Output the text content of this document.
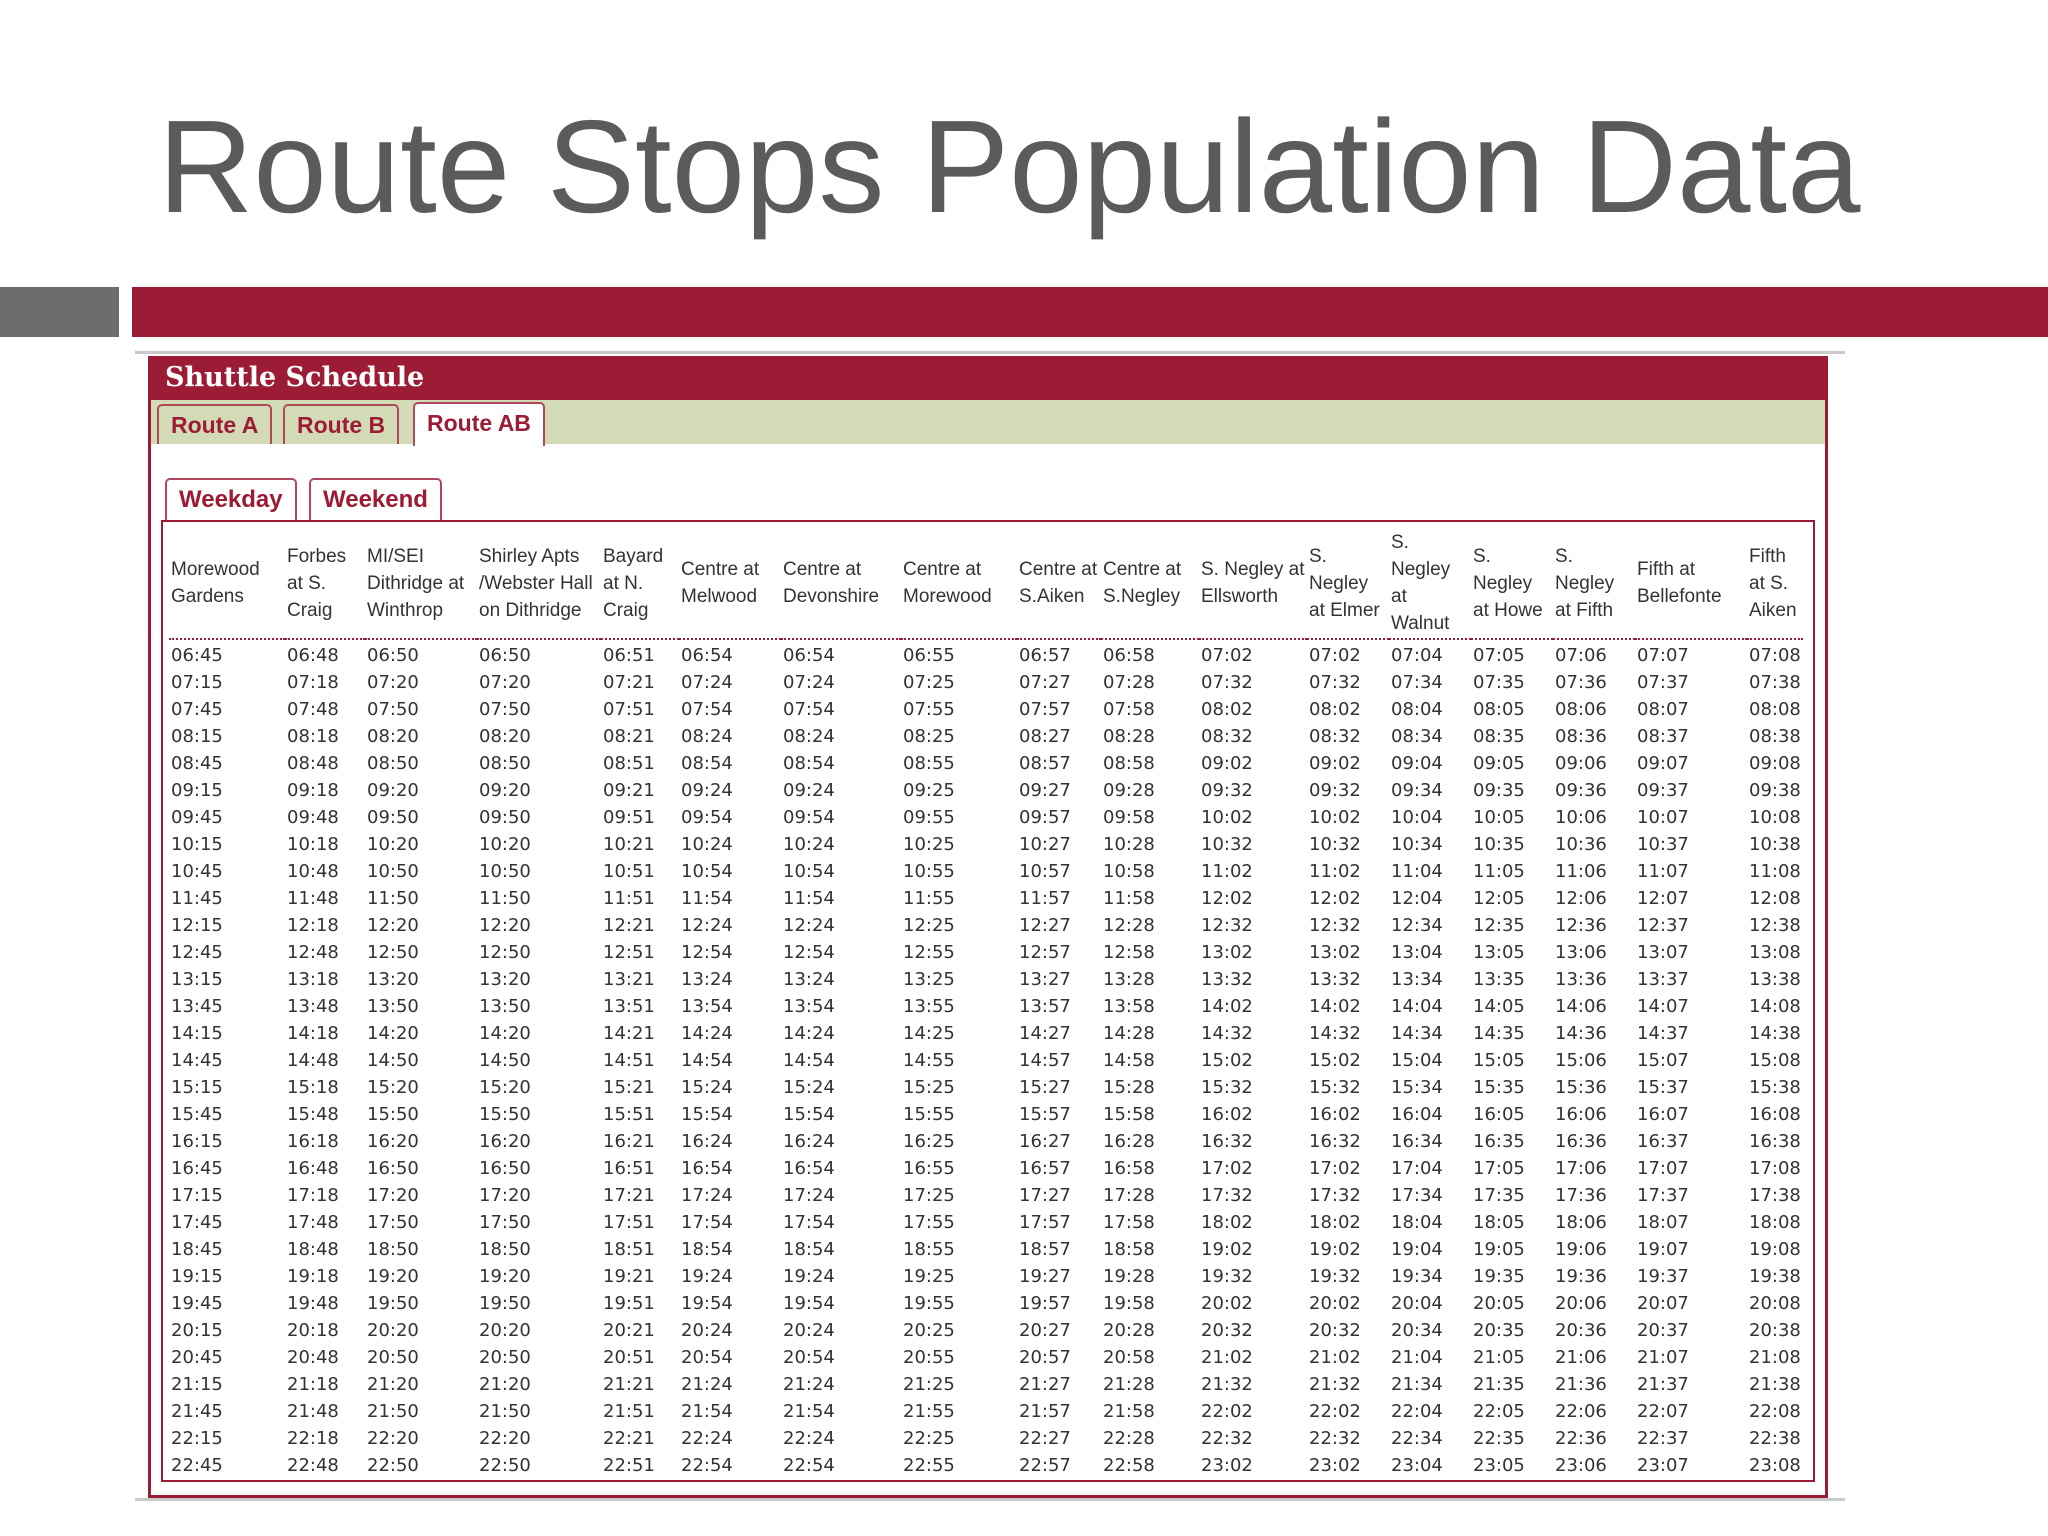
Route Stops Population Data
Shuttle Schedule
Route A	Route B	Route AB
Weekday	Weekend
Morewood Gardens	Forbes at S. Craig	MI/SEI Dithridge at Winthrop	Shirley Apts /Webster Hall on Dithridge	Bayard at N. Craig	Centre at Melwood	Centre at Devonshire	Centre at Morewood	Centre at S.Aiken	Centre at S.Negley	S. Negley at Ellsworth	S. Negley at Elmer	S. Negley at Walnut	S. Negley at Howe	S. Negley at Fifth	Fifth at Bellefonte	Fifth at S. Aiken
06:45	06:48	06:50	06:50	06:51	06:54	06:54	06:55	06:57	06:58	07:02	07:02	07:04	07:05	07:06	07:07	07:08
07:15	07:18	07:20	07:20	07:21	07:24	07:24	07:25	07:27	07:28	07:32	07:32	07:34	07:35	07:36	07:37	07:38
07:45	07:48	07:50	07:50	07:51	07:54	07:54	07:55	07:57	07:58	08:02	08:02	08:04	08:05	08:06	08:07	08:08
08:15	08:18	08:20	08:20	08:21	08:24	08:24	08:25	08:27	08:28	08:32	08:32	08:34	08:35	08:36	08:37	08:38
08:45	08:48	08:50	08:50	08:51	08:54	08:54	08:55	08:57	08:58	09:02	09:02	09:04	09:05	09:06	09:07	09:08
09:15	09:18	09:20	09:20	09:21	09:24	09:24	09:25	09:27	09:28	09:32	09:32	09:34	09:35	09:36	09:37	09:38
09:45	09:48	09:50	09:50	09:51	09:54	09:54	09:55	09:57	09:58	10:02	10:02	10:04	10:05	10:06	10:07	10:08
10:15	10:18	10:20	10:20	10:21	10:24	10:24	10:25	10:27	10:28	10:32	10:32	10:34	10:35	10:36	10:37	10:38
10:45	10:48	10:50	10:50	10:51	10:54	10:54	10:55	10:57	10:58	11:02	11:02	11:04	11:05	11:06	11:07	11:08
11:45	11:48	11:50	11:50	11:51	11:54	11:54	11:55	11:57	11:58	12:02	12:02	12:04	12:05	12:06	12:07	12:08
12:15	12:18	12:20	12:20	12:21	12:24	12:24	12:25	12:27	12:28	12:32	12:32	12:34	12:35	12:36	12:37	12:38
12:45	12:48	12:50	12:50	12:51	12:54	12:54	12:55	12:57	12:58	13:02	13:02	13:04	13:05	13:06	13:07	13:08
13:15	13:18	13:20	13:20	13:21	13:24	13:24	13:25	13:27	13:28	13:32	13:32	13:34	13:35	13:36	13:37	13:38
13:45	13:48	13:50	13:50	13:51	13:54	13:54	13:55	13:57	13:58	14:02	14:02	14:04	14:05	14:06	14:07	14:08
14:15	14:18	14:20	14:20	14:21	14:24	14:24	14:25	14:27	14:28	14:32	14:32	14:34	14:35	14:36	14:37	14:38
14:45	14:48	14:50	14:50	14:51	14:54	14:54	14:55	14:57	14:58	15:02	15:02	15:04	15:05	15:06	15:07	15:08
15:15	15:18	15:20	15:20	15:21	15:24	15:24	15:25	15:27	15:28	15:32	15:32	15:34	15:35	15:36	15:37	15:38
15:45	15:48	15:50	15:50	15:51	15:54	15:54	15:55	15:57	15:58	16:02	16:02	16:04	16:05	16:06	16:07	16:08
16:15	16:18	16:20	16:20	16:21	16:24	16:24	16:25	16:27	16:28	16:32	16:32	16:34	16:35	16:36	16:37	16:38
16:45	16:48	16:50	16:50	16:51	16:54	16:54	16:55	16:57	16:58	17:02	17:02	17:04	17:05	17:06	17:07	17:08
17:15	17:18	17:20	17:20	17:21	17:24	17:24	17:25	17:27	17:28	17:32	17:32	17:34	17:35	17:36	17:37	17:38
17:45	17:48	17:50	17:50	17:51	17:54	17:54	17:55	17:57	17:58	18:02	18:02	18:04	18:05	18:06	18:07	18:08
18:45	18:48	18:50	18:50	18:51	18:54	18:54	18:55	18:57	18:58	19:02	19:02	19:04	19:05	19:06	19:07	19:08
19:15	19:18	19:20	19:20	19:21	19:24	19:24	19:25	19:27	19:28	19:32	19:32	19:34	19:35	19:36	19:37	19:38
19:45	19:48	19:50	19:50	19:51	19:54	19:54	19:55	19:57	19:58	20:02	20:02	20:04	20:05	20:06	20:07	20:08
20:15	20:18	20:20	20:20	20:21	20:24	20:24	20:25	20:27	20:28	20:32	20:32	20:34	20:35	20:36	20:37	20:38
20:45	20:48	20:50	20:50	20:51	20:54	20:54	20:55	20:57	20:58	21:02	21:02	21:04	21:05	21:06	21:07	21:08
21:15	21:18	21:20	21:20	21:21	21:24	21:24	21:25	21:27	21:28	21:32	21:32	21:34	21:35	21:36	21:37	21:38
21:45	21:48	21:50	21:50	21:51	21:54	21:54	21:55	21:57	21:58	22:02	22:02	22:04	22:05	22:06	22:07	22:08
22:15	22:18	22:20	22:20	22:21	22:24	22:24	22:25	22:27	22:28	22:32	22:32	22:34	22:35	22:36	22:37	22:38
22:45	22:48	22:50	22:50	22:51	22:54	22:54	22:55	22:57	22:58	23:02	23:02	23:04	23:05	23:06	23:07	23:08
